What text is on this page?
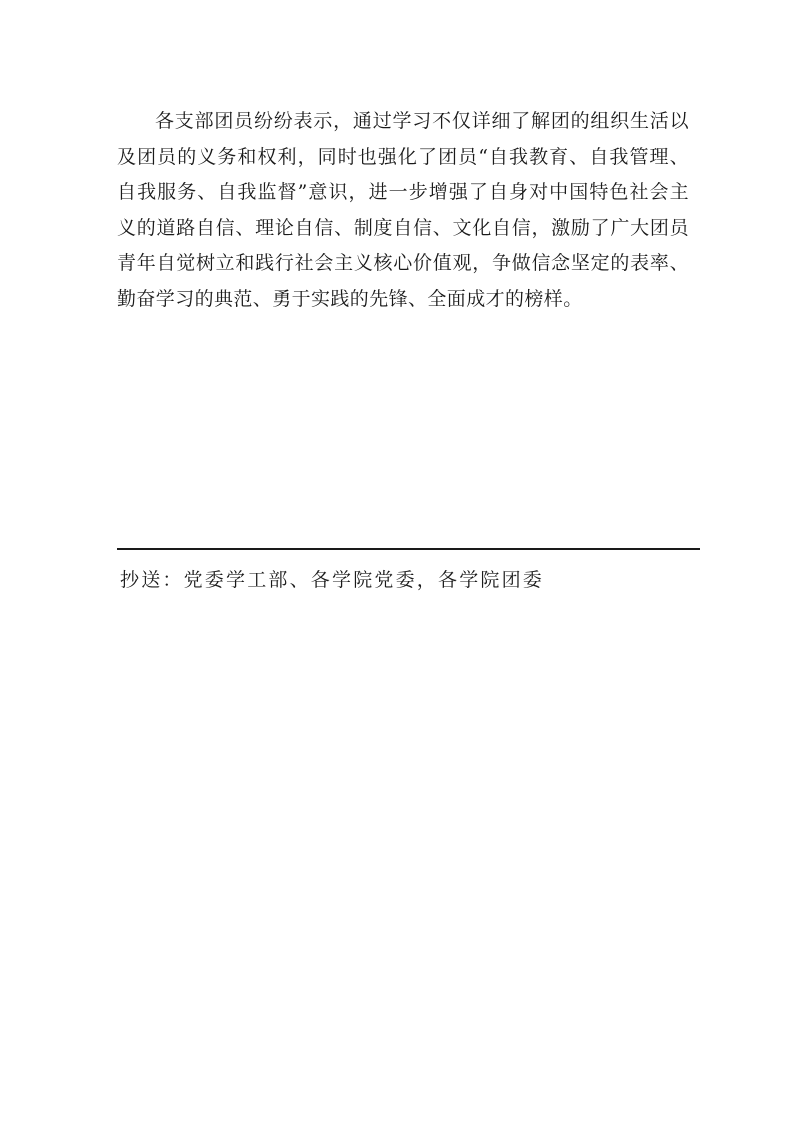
各支部团员纷纷表示，通过学习不仅详细了解团的组织生活以及团员的义务和权利，同时也强化了团员“自我教育、自我管理、自我服务、自我监督”意识，进一步增强了自身对中国特色社会主义的道路自信、理论自信、制度自信、文化自信，激励了广大团员青年自觉树立和践行社会主义核心价值观，争做信念坚定的表率、勤奋学习的典范、勇于实践的先锋、全面成才的榜样。

抄送：党委学工部、各学院党委，各学院团委
